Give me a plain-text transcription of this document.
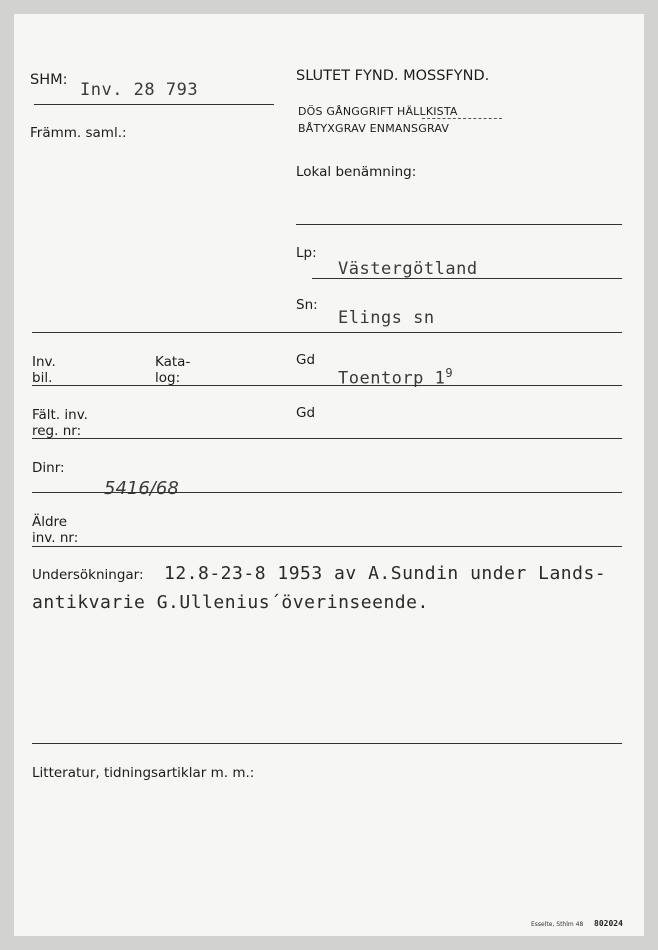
SHM: Inv. 28 793
Främm. saml.:
SLUTET FYND. MOSSFYND.
DÖS GÅNGGRIFT HÄLLKISTA
BÅTYXGRAV ENMANSGRAV
Lokal benämning:
Lp:
Västergötland
Sn:
Elings sn
Inv.
bil.
Kata-
log:
Gd
Toentorp $1^9$
Fält. inv.
reg. nr:
Gd
Dinr:
5416/68
Äldre
inv. nr:
Undersökningar: 12.8-23-8 1953 av A.Sundin under Lands-
antikvarie G.Ullenius´överinseende.
Litteratur, tidningsartiklar m. m.:
Esselte, Sthlm 48 802024
